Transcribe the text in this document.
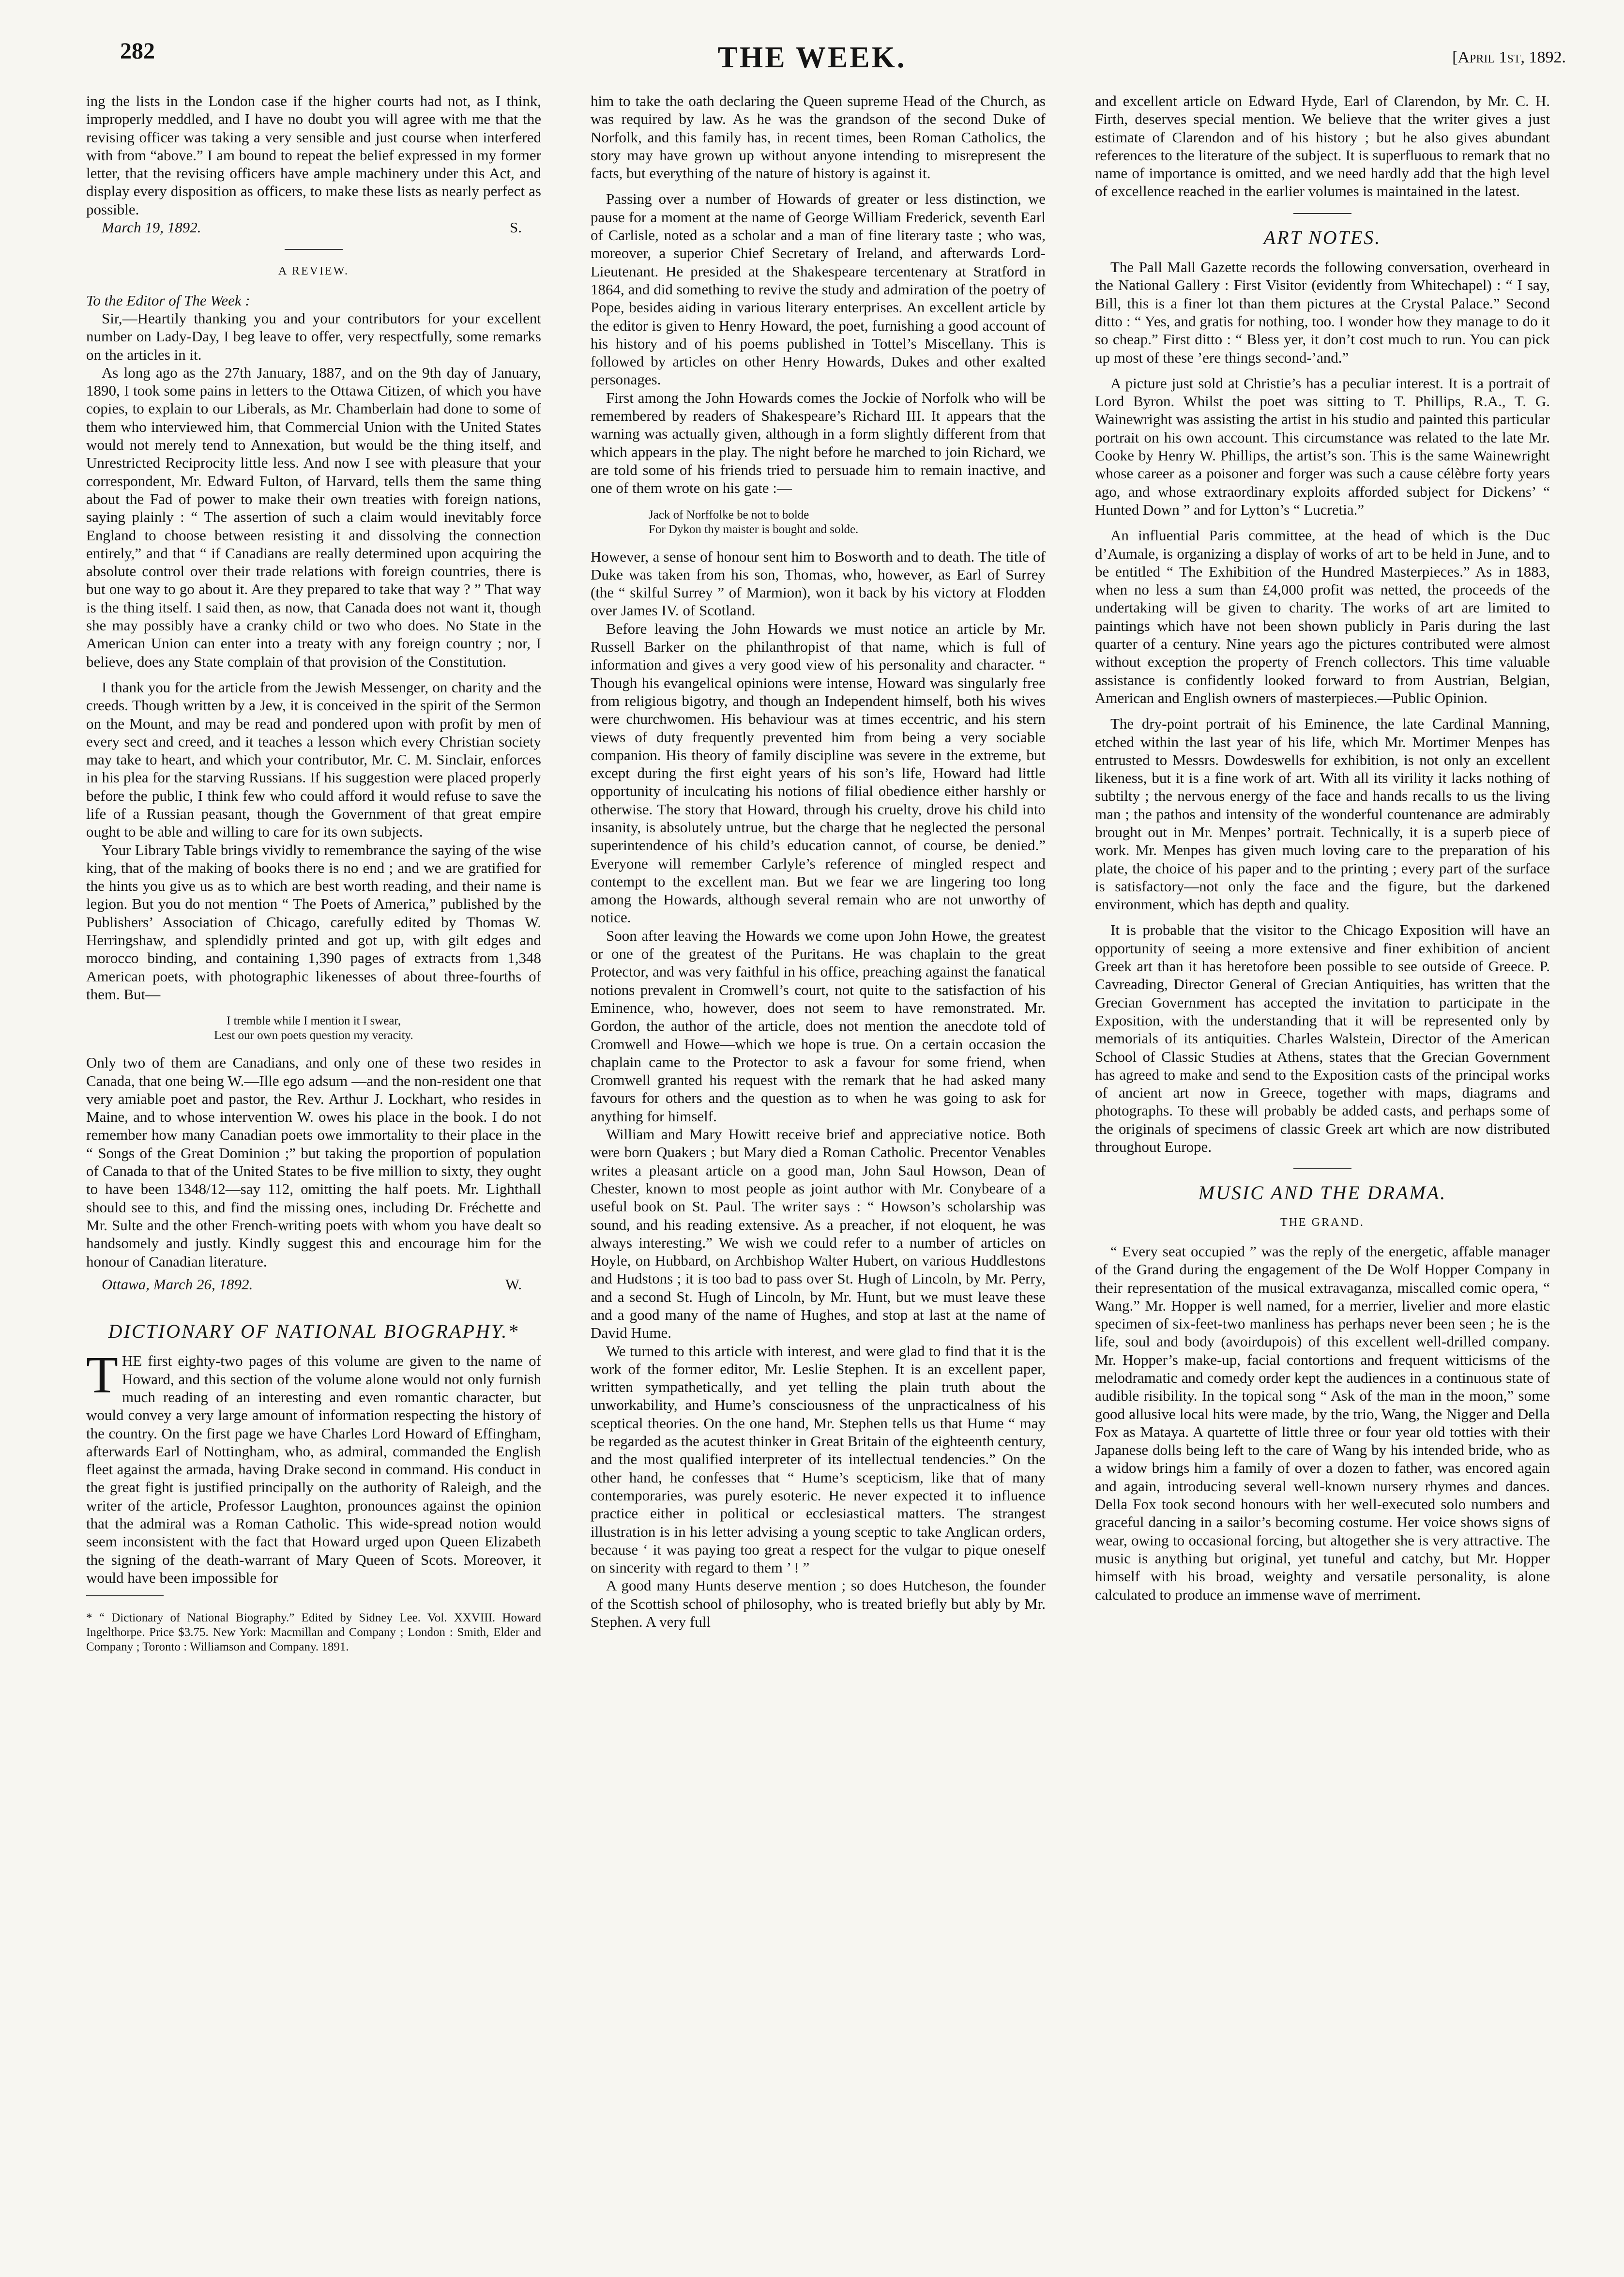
282	THE WEEK.	[April 1st, 1892.

ing the lists in the London case if the higher courts had not, as I think, improperly meddled, and I have no doubt you will agree with me that the revising officer was taking a very sensible and just course when interfered with from “above.” I am bound to repeat the belief expressed in my former letter, that the revising officers have ample machinery under this Act, and display every disposition as officers, to make these lists as nearly perfect as possible.

March 19, 1892.	S.
A REVIEW.

To the Editor of The Week :

Sir,—Heartily thanking you and your contributors for your excellent number on Lady-Day, I beg leave to offer, very respectfully, some remarks on the articles in it.

As long ago as the 27th January, 1887, and on the 9th day of January, 1890, I took some pains in letters to the Ottawa Citizen, of which you have copies, to explain to our Liberals, as Mr. Chamberlain had done to some of them who interviewed him, that Commercial Union with the United States would not merely tend to Annexation, but would be the thing itself, and Unrestricted Reciprocity little less. And now I see with pleasure that your correspondent, Mr. Edward Fulton, of Harvard, tells them the same thing about the Fad of power to make their own treaties with foreign nations, saying plainly : “ The assertion of such a claim would inevitably force England to choose between resisting it and dissolving the connection entirely,” and that “ if Canadians are really determined upon acquiring the absolute control over their trade relations with foreign countries, there is but one way to go about it. Are they prepared to take that way ? ” That way is the thing itself. I said then, as now, that Canada does not want it, though she may possibly have a cranky child or two who does. No State in the American Union can enter into a treaty with any foreign country ; nor, I believe, does any State complain of that provision of the Constitution.

I thank you for the article from the Jewish Messenger, on charity and the creeds. Though written by a Jew, it is conceived in the spirit of the Sermon on the Mount, and may be read and pondered upon with profit by men of every sect and creed, and it teaches a lesson which every Christian society may take to heart, and which your contributor, Mr. C. M. Sinclair, enforces in his plea for the starving Russians. If his suggestion were placed properly before the public, I think few who could afford it would refuse to save the life of a Russian peasant, though the Government of that great empire ought to be able and willing to care for its own subjects.

Your Library Table brings vividly to remembrance the saying of the wise king, that of the making of books there is no end ; and we are gratified for the hints you give us as to which are best worth reading, and their name is legion. But you do not mention “ The Poets of America,” published by the Publishers’ Association of Chicago, carefully edited by Thomas W. Herringshaw, and splendidly printed and got up, with gilt edges and morocco binding, and containing 1,390 pages of extracts from 1,348 American poets, with photographic likenesses of about three-fourths of them. But—

I tremble while I mention it I swear,
Lest our own poets question my veracity.

Only two of them are Canadians, and only one of these two resides in Canada, that one being W.—Ille ego adsum —and the non-resident one that very amiable poet and pastor, the Rev. Arthur J. Lockhart, who resides in Maine, and to whose intervention W. owes his place in the book. I do not remember how many Canadian poets owe immortality to their place in the “ Songs of the Great Dominion ;” but taking the proportion of population of Canada to that of the United States to be five million to sixty, they ought to have been 1348/12—say 112, omitting the half poets. Mr. Lighthall should see to this, and find the missing ones, including Dr. Fréchette and Mr. Sulte and the other French-writing poets with whom you have dealt so handsomely and justly. Kindly suggest this and encourage him for the honour of Canadian literature.

Ottawa, March 26, 1892.	W.
DICTIONARY OF NATIONAL BIOGRAPHY.*

THE first eighty-two pages of this volume are given to the name of Howard, and this section of the volume alone would not only furnish much reading of an interesting and even romantic character, but would convey a very large amount of information respecting the history of the country. On the first page we have Charles Lord Howard of Effingham, afterwards Earl of Nottingham, who, as admiral, commanded the English fleet against the armada, having Drake second in command. His conduct in the great fight is justified principally on the authority of Raleigh, and the writer of the article, Professor Laughton, pronounces against the opinion that the admiral was a Roman Catholic. This wide-spread notion would seem inconsistent with the fact that Howard urged upon Queen Elizabeth the signing of the death-warrant of Mary Queen of Scots. Moreover, it would have been impossible for

* “ Dictionary of National Biography.” Edited by Sidney Lee. Vol. XXVIII. Howard Ingelthorpe. Price $3.75. New York: Macmillan and Company ; London : Smith, Elder and Company ; Toronto : Williamson and Company. 1891.

him to take the oath declaring the Queen supreme Head of the Church, as was required by law. As he was the grandson of the second Duke of Norfolk, and this family has, in recent times, been Roman Catholics, the story may have grown up without anyone intending to misrepresent the facts, but everything of the nature of history is against it.

Passing over a number of Howards of greater or less distinction, we pause for a moment at the name of George William Frederick, seventh Earl of Carlisle, noted as a scholar and a man of fine literary taste ; who was, moreover, a superior Chief Secretary of Ireland, and afterwards Lord-Lieutenant. He presided at the Shakespeare tercentenary at Stratford in 1864, and did something to revive the study and admiration of the poetry of Pope, besides aiding in various literary enterprises. An excellent article by the editor is given to Henry Howard, the poet, furnishing a good account of his history and of his poems published in Tottel’s Miscellany. This is followed by articles on other Henry Howards, Dukes and other exalted personages.

First among the John Howards comes the Jockie of Norfolk who will be remembered by readers of Shakespeare’s Richard III. It appears that the warning was actually given, although in a form slightly different from that which appears in the play. The night before he marched to join Richard, we are told some of his friends tried to persuade him to remain inactive, and one of them wrote on his gate :—

Jack of Norffolke be not to bolde
For Dykon thy maister is bought and solde.

However, a sense of honour sent him to Bosworth and to death. The title of Duke was taken from his son, Thomas, who, however, as Earl of Surrey (the “ skilful Surrey ” of Marmion), won it back by his victory at Flodden over James IV. of Scotland.

Before leaving the John Howards we must notice an article by Mr. Russell Barker on the philanthropist of that name, which is full of information and gives a very good view of his personality and character. “ Though his evangelical opinions were intense, Howard was singularly free from religious bigotry, and though an Independent himself, both his wives were churchwomen. His behaviour was at times eccentric, and his stern views of duty frequently prevented him from being a very sociable companion. His theory of family discipline was severe in the extreme, but except during the first eight years of his son’s life, Howard had little opportunity of inculcating his notions of filial obedience either harshly or otherwise. The story that Howard, through his cruelty, drove his child into insanity, is absolutely untrue, but the charge that he neglected the personal superintendence of his child’s education cannot, of course, be denied.” Everyone will remember Carlyle’s reference of mingled respect and contempt to the excellent man. But we fear we are lingering too long among the Howards, although several remain who are not unworthy of notice.

Soon after leaving the Howards we come upon John Howe, the greatest or one of the greatest of the Puritans. He was chaplain to the great Protector, and was very faithful in his office, preaching against the fanatical notions prevalent in Cromwell’s court, not quite to the satisfaction of his Eminence, who, however, does not seem to have remonstrated. Mr. Gordon, the author of the article, does not mention the anecdote told of Cromwell and Howe—which we hope is true. On a certain occasion the chaplain came to the Protector to ask a favour for some friend, when Cromwell granted his request with the remark that he had asked many favours for others and the question as to when he was going to ask for anything for himself.

William and Mary Howitt receive brief and appreciative notice. Both were born Quakers ; but Mary died a Roman Catholic. Precentor Venables writes a pleasant article on a good man, John Saul Howson, Dean of Chester, known to most people as joint author with Mr. Conybeare of a useful book on St. Paul. The writer says : “ Howson’s scholarship was sound, and his reading extensive. As a preacher, if not eloquent, he was always interesting.” We wish we could refer to a number of articles on Hoyle, on Hubbard, on Archbishop Walter Hubert, on various Huddlestons and Hudstons ; it is too bad to pass over St. Hugh of Lincoln, by Mr. Perry, and a second St. Hugh of Lincoln, by Mr. Hunt, but we must leave these and a good many of the name of Hughes, and stop at last at the name of David Hume.

We turned to this article with interest, and were glad to find that it is the work of the former editor, Mr. Leslie Stephen. It is an excellent paper, written sympathetically, and yet telling the plain truth about the unworkability, and Hume’s consciousness of the unpracticalness of his sceptical theories. On the one hand, Mr. Stephen tells us that Hume “ may be regarded as the acutest thinker in Great Britain of the eighteenth century, and the most qualified interpreter of its intellectual tendencies.” On the other hand, he confesses that “ Hume’s scepticism, like that of many contemporaries, was purely esoteric. He never expected it to influence practice either in political or ecclesiastical matters. The strangest illustration is in his letter advising a young sceptic to take Anglican orders, because ‘ it was paying too great a respect for the vulgar to pique oneself on sincerity with regard to them ’ ! ”

A good many Hunts deserve mention ; so does Hutcheson, the founder of the Scottish school of philosophy, who is treated briefly but ably by Mr. Stephen. A very full

and excellent article on Edward Hyde, Earl of Clarendon, by Mr. C. H. Firth, deserves special mention. We believe that the writer gives a just estimate of Clarendon and of his history ; but he also gives abundant references to the literature of the subject. It is superfluous to remark that no name of importance is omitted, and we need hardly add that the high level of excellence reached in the earlier volumes is maintained in the latest.

ART NOTES.

The Pall Mall Gazette records the following conversation, overheard in the National Gallery : First Visitor (evidently from Whitechapel) : “ I say, Bill, this is a finer lot than them pictures at the Crystal Palace.” Second ditto : “ Yes, and gratis for nothing, too. I wonder how they manage to do it so cheap.” First ditto : “ Bless yer, it don’t cost much to run. You can pick up most of these ’ere things second-’and.”

A picture just sold at Christie’s has a peculiar interest. It is a portrait of Lord Byron. Whilst the poet was sitting to T. Phillips, R.A., T. G. Wainewright was assisting the artist in his studio and painted this particular portrait on his own account. This circumstance was related to the late Mr. Cooke by Henry W. Phillips, the artist’s son. This is the same Wainewright whose career as a poisoner and forger was such a cause célèbre forty years ago, and whose extraordinary exploits afforded subject for Dickens’ “ Hunted Down ” and for Lytton’s “ Lucretia.”

An influential Paris committee, at the head of which is the Duc d’Aumale, is organizing a display of works of art to be held in June, and to be entitled “ The Exhibition of the Hundred Masterpieces.” As in 1883, when no less a sum than £4,000 profit was netted, the proceeds of the undertaking will be given to charity. The works of art are limited to paintings which have not been shown publicly in Paris during the last quarter of a century. Nine years ago the pictures contributed were almost without exception the property of French collectors. This time valuable assistance is confidently looked forward to from Austrian, Belgian, American and English owners of masterpieces.—Public Opinion.

The dry-point portrait of his Eminence, the late Cardinal Manning, etched within the last year of his life, which Mr. Mortimer Menpes has entrusted to Messrs. Dowdeswells for exhibition, is not only an excellent likeness, but it is a fine work of art. With all its virility it lacks nothing of subtilty ; the nervous energy of the face and hands recalls to us the living man ; the pathos and intensity of the wonderful countenance are admirably brought out in Mr. Menpes’ portrait. Technically, it is a superb piece of work. Mr. Menpes has given much loving care to the preparation of his plate, the choice of his paper and to the printing ; every part of the surface is satisfactory—not only the face and the figure, but the darkened environment, which has depth and quality.

It is probable that the visitor to the Chicago Exposition will have an opportunity of seeing a more extensive and finer exhibition of ancient Greek art than it has heretofore been possible to see outside of Greece. P. Cavreading, Director General of Grecian Antiquities, has written that the Grecian Government has accepted the invitation to participate in the Exposition, with the understanding that it will be represented only by memorials of its antiquities. Charles Walstein, Director of the American School of Classic Studies at Athens, states that the Grecian Government has agreed to make and send to the Exposition casts of the principal works of ancient art now in Greece, together with maps, diagrams and photographs. To these will probably be added casts, and perhaps some of the originals of specimens of classic Greek art which are now distributed throughout Europe.

MUSIC AND THE DRAMA.
THE GRAND.

“ Every seat occupied ” was the reply of the energetic, affable manager of the Grand during the engagement of the De Wolf Hopper Company in their representation of the musical extravaganza, miscalled comic opera, “ Wang.” Mr. Hopper is well named, for a merrier, livelier and more elastic specimen of six-feet-two manliness has perhaps never been seen ; he is the life, soul and body (avoirdupois) of this excellent well-drilled company. Mr. Hopper’s make-up, facial contortions and frequent witticisms of the melodramatic and comedy order kept the audiences in a continuous state of audible risibility. In the topical song “ Ask of the man in the moon,” some good allusive local hits were made, by the trio, Wang, the Nigger and Della Fox as Mataya. A quartette of little three or four year old totties with their Japanese dolls being left to the care of Wang by his intended bride, who as a widow brings him a family of over a dozen to father, was encored again and again, introducing several well-known nursery rhymes and dances. Della Fox took second honours with her well-executed solo numbers and graceful dancing in a sailor’s becoming costume. Her voice shows signs of wear, owing to occasional forcing, but altogether she is very attractive. The music is anything but original, yet tuneful and catchy, but Mr. Hopper himself with his broad, weighty and versatile personality, is alone calculated to produce an immense wave of merriment.
